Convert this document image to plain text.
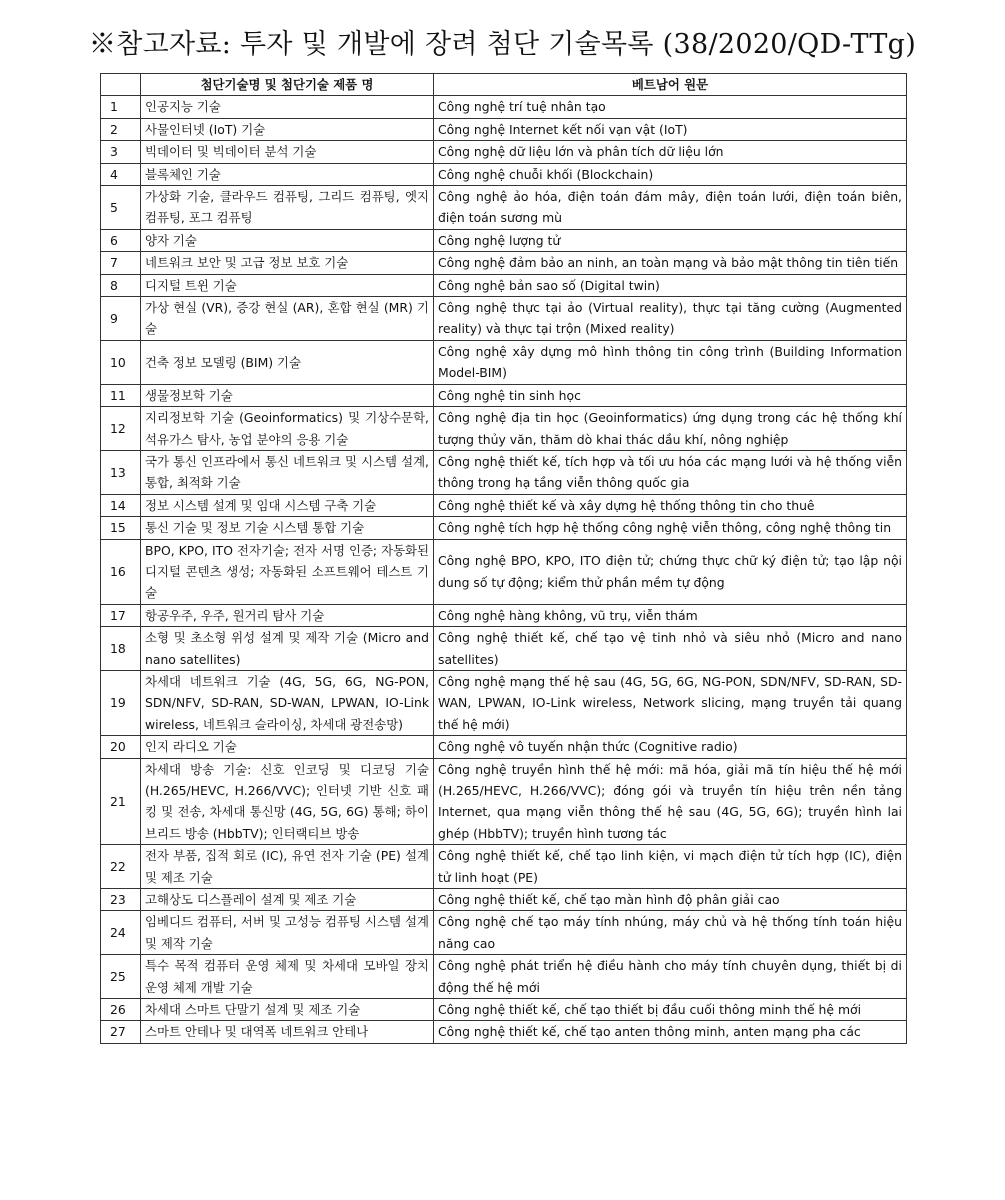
※참고자료: 투자 및 개발에 장려 첨단 기술목록 (38/2020/QD-TTg)
	첨단기술명 및 첨단기술 제품 명	베트남어 원문
1	인공지능 기술	Công nghệ trí tuệ nhân tạo
2	사물인터넷 (IoT) 기술	Công nghệ Internet kết nối vạn vật (IoT)
3	빅데이터 및 빅데이터 분석 기술	Công nghệ dữ liệu lớn và phân tích dữ liệu lớn
4	블록체인 기술	Công nghệ chuỗi khối (Blockchain)
5	가상화 기술, 클라우드 컴퓨팅, 그리드 컴퓨팅, 엣지 컴퓨팅, 포그 컴퓨팅	Công nghệ ảo hóa, điện toán đám mây, điện toán lưới, điện toán biên, điện toán sương mù
6	양자 기술	Công nghệ lượng tử
7	네트워크 보안 및 고급 정보 보호 기술	Công nghệ đảm bảo an ninh, an toàn mạng và bảo mật thông tin tiên tiến
8	디지털 트윈 기술	Công nghệ bản sao số (Digital twin)
9	가상 현실 (VR), 증강 현실 (AR), 혼합 현실 (MR) 기술	Công nghệ thực tại ảo (Virtual reality), thực tại tăng cường (Augmented reality) và thực tại trộn (Mixed reality)
10	건축 정보 모델링 (BIM) 기술	Công nghệ xây dựng mô hình thông tin công trình (Building Information Model-BIM)
11	생물정보학 기술	Công nghệ tin sinh học
12	지리정보학 기술 (Geoinformatics) 및 기상수문학, 석유가스 탐사, 농업 분야의 응용 기술	Công nghệ địa tin học (Geoinformatics) ứng dụng trong các hệ thống khí tượng thủy văn, thăm dò khai thác dầu khí, nông nghiệp
13	국가 통신 인프라에서 통신 네트워크 및 시스템 설계, 통합, 최적화 기술	Công nghệ thiết kế, tích hợp và tối ưu hóa các mạng lưới và hệ thống viễn thông trong hạ tầng viễn thông quốc gia
14	정보 시스템 설계 및 임대 시스템 구축 기술	Công nghệ thiết kế và xây dựng hệ thống thông tin cho thuê
15	통신 기술 및 정보 기술 시스템 통합 기술	Công nghệ tích hợp hệ thống công nghệ viễn thông, công nghệ thông tin
16	BPO, KPO, ITO 전자기술; 전자 서명 인증; 자동화된 디지털 콘텐츠 생성; 자동화된 소프트웨어 테스트 기술	Công nghệ BPO, KPO, ITO điện tử; chứng thực chữ ký điện tử; tạo lập nội dung số tự động; kiểm thử phần mềm tự động
17	항공우주, 우주, 원거리 탐사 기술	Công nghệ hàng không, vũ trụ, viễn thám
18	소형 및 초소형 위성 설계 및 제작 기술 (Micro and nano satellites)	Công nghệ thiết kế, chế tạo vệ tinh nhỏ và siêu nhỏ (Micro and nano satellites)
19	차세대 네트워크 기술 (4G, 5G, 6G, NG-PON, SDN/NFV, SD-RAN, SD-WAN, LPWAN, IO-Link wireless, 네트워크 슬라이싱, 차세대 광전송망)	Công nghệ mạng thế hệ sau (4G, 5G, 6G, NG-PON, SDN/NFV, SD-RAN, SD-WAN, LPWAN, IO-Link wireless, Network slicing, mạng truyền tải quang thế hệ mới)
20	인지 라디오 기술	Công nghệ vô tuyến nhận thức (Cognitive radio)
21	차세대 방송 기술: 신호 인코딩 및 디코딩 기술 (H.265/HEVC, H.266/VVC); 인터넷 기반 신호 패킹 및 전송, 차세대 통신망 (4G, 5G, 6G) 통해; 하이브리드 방송 (HbbTV); 인터랙티브 방송	Công nghệ truyền hình thế hệ mới: mã hóa, giải mã tín hiệu thế hệ mới (H.265/HEVC, H.266/VVC); đóng gói và truyền tín hiệu trên nền tảng Internet, qua mạng viễn thông thế hệ sau (4G, 5G, 6G); truyền hình lai ghép (HbbTV); truyền hình tương tác
22	전자 부품, 집적 회로 (IC), 유연 전자 기술 (PE) 설계 및 제조 기술	Công nghệ thiết kế, chế tạo linh kiện, vi mạch điện tử tích hợp (IC), điện tử linh hoạt (PE)
23	고해상도 디스플레이 설계 및 제조 기술	Công nghệ thiết kế, chế tạo màn hình độ phân giải cao
24	임베디드 컴퓨터, 서버 및 고성능 컴퓨팅 시스템 설계 및 제작 기술	Công nghệ chế tạo máy tính nhúng, máy chủ và hệ thống tính toán hiệu năng cao
25	특수 목적 컴퓨터 운영 체제 및 차세대 모바일 장치 운영 체제 개발 기술	Công nghệ phát triển hệ điều hành cho máy tính chuyên dụng, thiết bị di động thế hệ mới
26	차세대 스마트 단말기 설계 및 제조 기술	Công nghệ thiết kế, chế tạo thiết bị đầu cuối thông minh thế hệ mới
27	스마트 안테나 및 대역폭 네트워크 안테나	Công nghệ thiết kế, chế tạo anten thông minh, anten mạng pha các
